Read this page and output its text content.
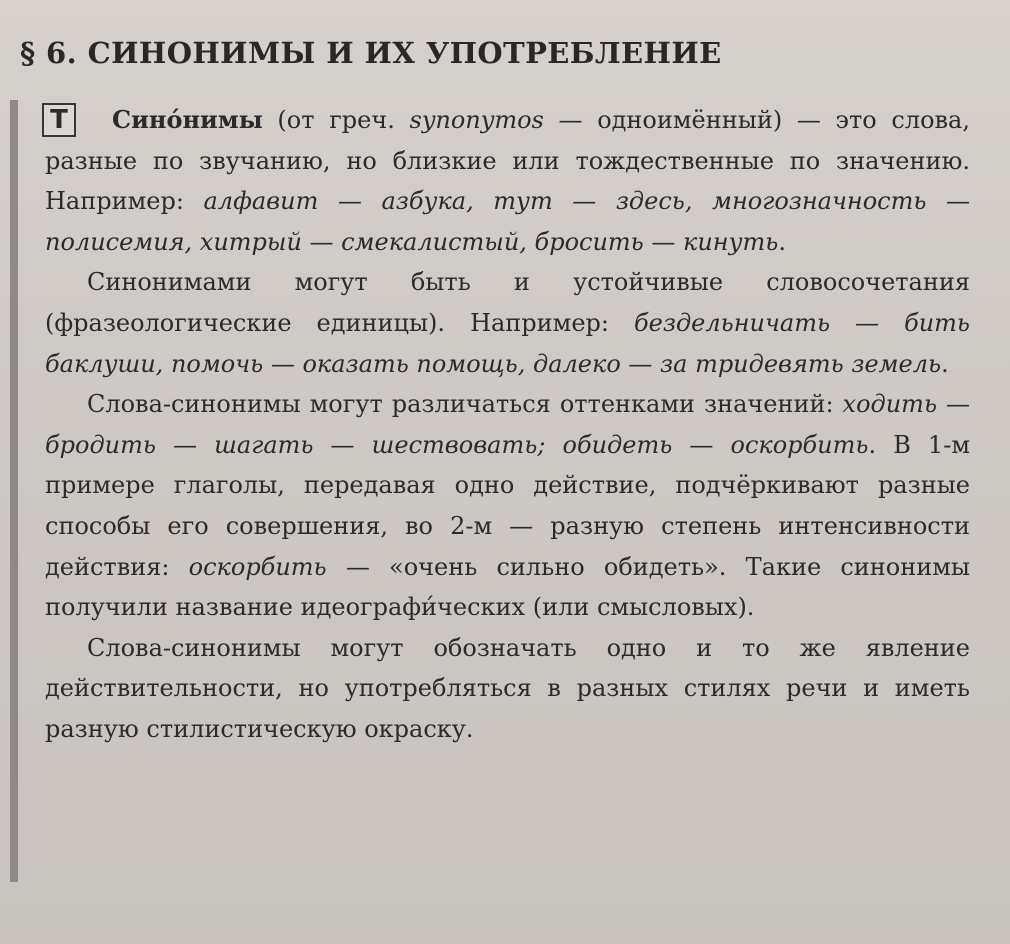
§ 6. СИНОНИМЫ И ИХ УПОТРЕБЛЕНИЕ
Т	Сино́нимы (от греч. synonymos — одноимённый) — это слова, разные по звучанию, но близкие или тождественные по значению. Например: алфавит — азбука, тут — здесь, многозначность — полисемия, хитрый — смекалистый, бросить — кинуть.

Синонимами могут быть и устойчивые словосочетания (фразеологические единицы). Например: бездельничать — бить баклуши, помочь — оказать помощь, далеко — за тридевять земель.

Слова-синонимы могут различаться оттенками значений: ходить — бродить — шагать — шествовать; обидеть — оскорбить. В 1-м примере глаголы, передавая одно действие, подчёркивают разные способы его совершения, во 2-м — разную степень интенсивности действия: оскорбить — «очень сильно обидеть». Такие синонимы получили название идеографи́ческих (или смысловых).

Слова-синонимы могут обозначать одно и то же явление действительности, но употребляться в разных стилях речи и иметь разную стилистическую окраску.
